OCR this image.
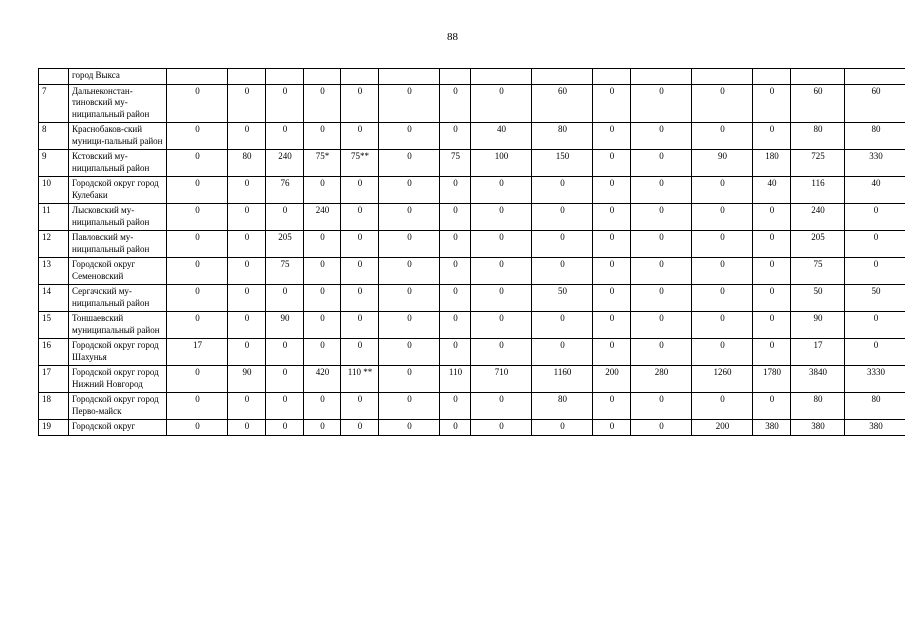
88
	город Выкса															
7	Дальнеконстан-тиновский му-ниципальный район	0	0	0	0	0	0	0	0	60	0	0	0	0	60	60
8	Краснобаков-ский муници-пальный район	0	0	0	0	0	0	0	40	80	0	0	0	0	80	80
9	Кстовский му-ниципальный район	0	80	240	75*	75**	0	75	100	150	0	0	90	180	725	330
10	Городской округ город Кулебаки	0	0	76	0	0	0	0	0	0	0	0	0	40	116	40
11	Лысковский му-ниципальный район	0	0	0	240	0	0	0	0	0	0	0	0	0	240	0
12	Павловский му-ниципальный район	0	0	205	0	0	0	0	0	0	0	0	0	0	205	0
13	Городской округ Семеновский	0	0	75	0	0	0	0	0	0	0	0	0	0	75	0
14	Сергачский му-ниципальный район	0	0	0	0	0	0	0	0	50	0	0	0	0	50	50
15	Тоншаевский муниципальный район	0	0	90	0	0	0	0	0	0	0	0	0	0	90	0
16	Городской округ город Шахунья	17	0	0	0	0	0	0	0	0	0	0	0	0	17	0
17	Городской округ город Нижний Новгород	0	90	0	420	110 **	0	110	710	1160	200	280	1260	1780	3840	3330
18	Городской округ город Перво-майск	0	0	0	0	0	0	0	0	80	0	0	0	0	80	80
19	Городской округ	0	0	0	0	0	0	0	0	0	0	0	200	380	380	380
